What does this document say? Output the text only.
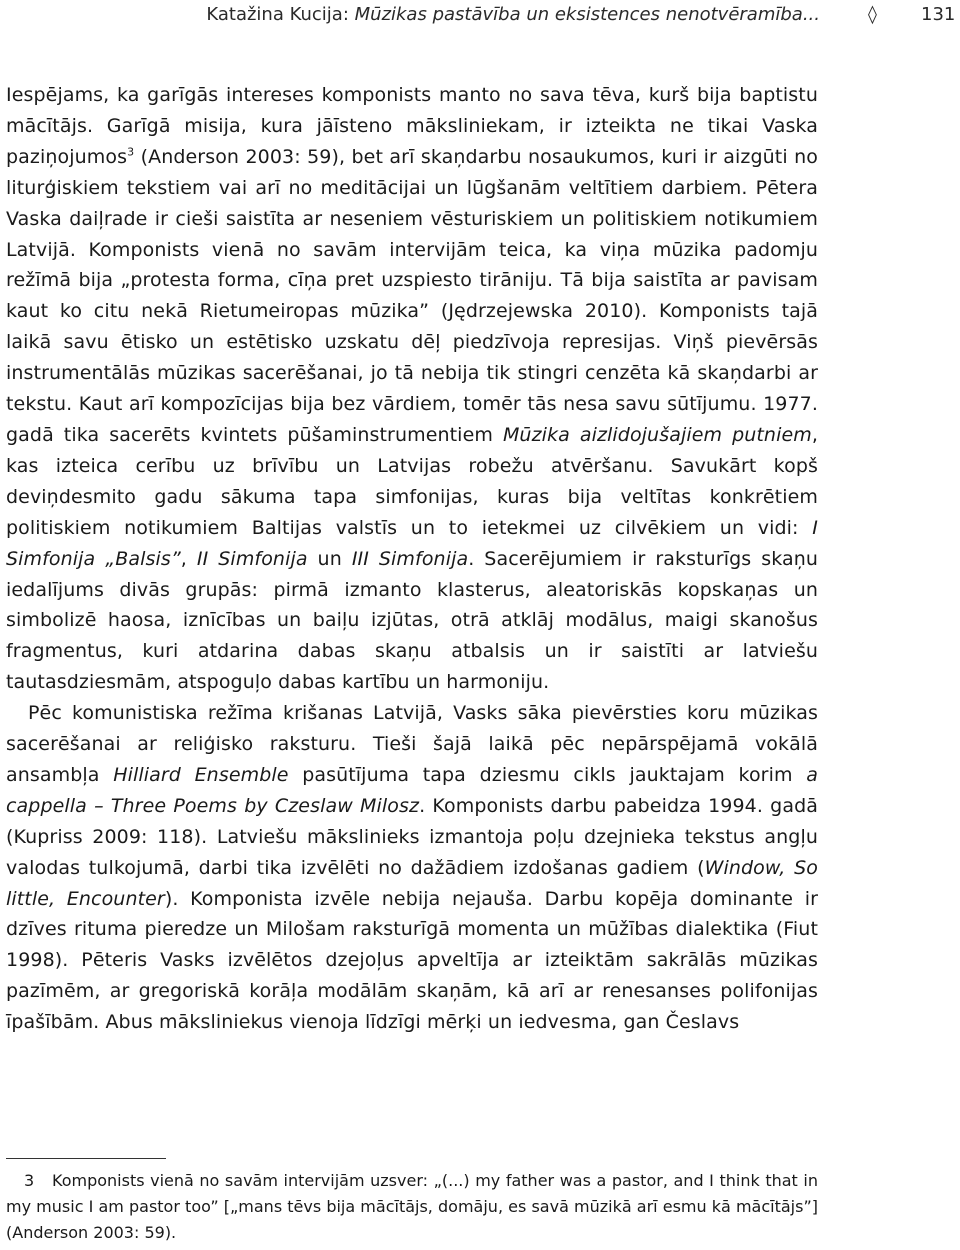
Katažina Kucija: Mūzikas pastāvība un eksistences nenotvēramība...	◊ 131

Iespējams, ka garīgās intereses komponists manto no sava tēva, kurš bija baptistu mācītājs. Garīgā misija, kura jāīsteno māksliniekam, ir izteikta ne tikai Vaska paziņojumos$^3$ (Anderson 2003: 59), bet arī skaņdarbu nosaukumos, kuri ir aizgūti no liturģiskiem tekstiem vai arī no meditācijai un lūgšanām veltītiem darbiem. Pētera Vaska daiļrade ir cieši saistīta ar neseniem vēsturiskiem un politiskiem notikumiem Latvijā. Komponists vienā no savām intervijām teica, ka viņa mūzika padomju režīmā bija „protesta forma, cīņa pret uzspiesto tirāniju. Tā bija saistīta ar pavisam kaut ko citu nekā Rietumeiropas mūzika” (Jędrzejewska 2010). Komponists tajā laikā savu ētisko un estētisko uzskatu dēļ piedzīvoja represijas. Viņš pievērsās instrumentālās mūzikas sacerēšanai, jo tā nebija tik stingri cenzēta kā skaņdarbi ar tekstu. Kaut arī kompozīcijas bija bez vārdiem, tomēr tās nesa savu sūtījumu. 1977. gadā tika sacerēts kvintets pūšaminstrumentiem Mūzika aizlidojušajiem putniem, kas izteica cerību uz brīvību un Latvijas robežu atvēršanu. Savukārt kopš deviņdesmito gadu sākuma tapa simfonijas, kuras bija veltītas konkrētiem politiskiem notikumiem Baltijas valstīs un to ietekmei uz cilvēkiem un vidi: I Simfonija „Balsis”, II Simfonija un III Simfonija. Sacerējumiem ir raksturīgs skaņu iedalījums divās grupās: pirmā izmanto klasterus, aleatoriskās kopskaņas un simbolizē haosa, iznīcības un baiļu izjūtas, otrā atklāj modālus, maigi skanošus fragmentus, kuri atdarina dabas skaņu atbalsis un ir saistīti ar latviešu tautasdziesmām, atspoguļo dabas kartību un harmoniju.

Pēc komunistiska režīma krišanas Latvijā, Vasks sāka pievērsties koru mūzikas sacerēšanai ar reliģisko raksturu. Tieši šajā laikā pēc nepārspējamā vokālā ansambļa Hilliard Ensemble pasūtījuma tapa dziesmu cikls jauktajam korim a cappella – Three Poems by Czeslaw Milosz. Komponists darbu pabeidza 1994. gadā (Kupriss 2009: 118). Latviešu mākslinieks izmantoja poļu dzejnieka tekstus angļu valodas tulkojumā, darbi tika izvēlēti no dažādiem izdošanas gadiem (Window, So little, Encounter). Komponista izvēle nebija nejauša. Darbu kopēja dominante ir dzīves ritumа pieredze un Milošam raksturīgā momenta un mūžības dialektika (Fiut 1998). Pēteris Vasks izvēlētos dzejoļus apveltīja ar izteiktām sakrālās mūzikas pazīmēm, ar gregoriskā korāļa modālām skaņām, kā arī ar renesanses polifonijas īpašībām. Abus māksliniekus vienoja līdzīgi mērķi un iedvesma, gan Česlavs

3 Komponists vienā no savām intervijām uzsver: „(...) my father was a pastor, and I think that in my music I am pastor too” [„mans tēvs bija mācītājs, domāju, es savā mūzikā arī esmu kā mācītājs”] (Anderson 2003: 59).
